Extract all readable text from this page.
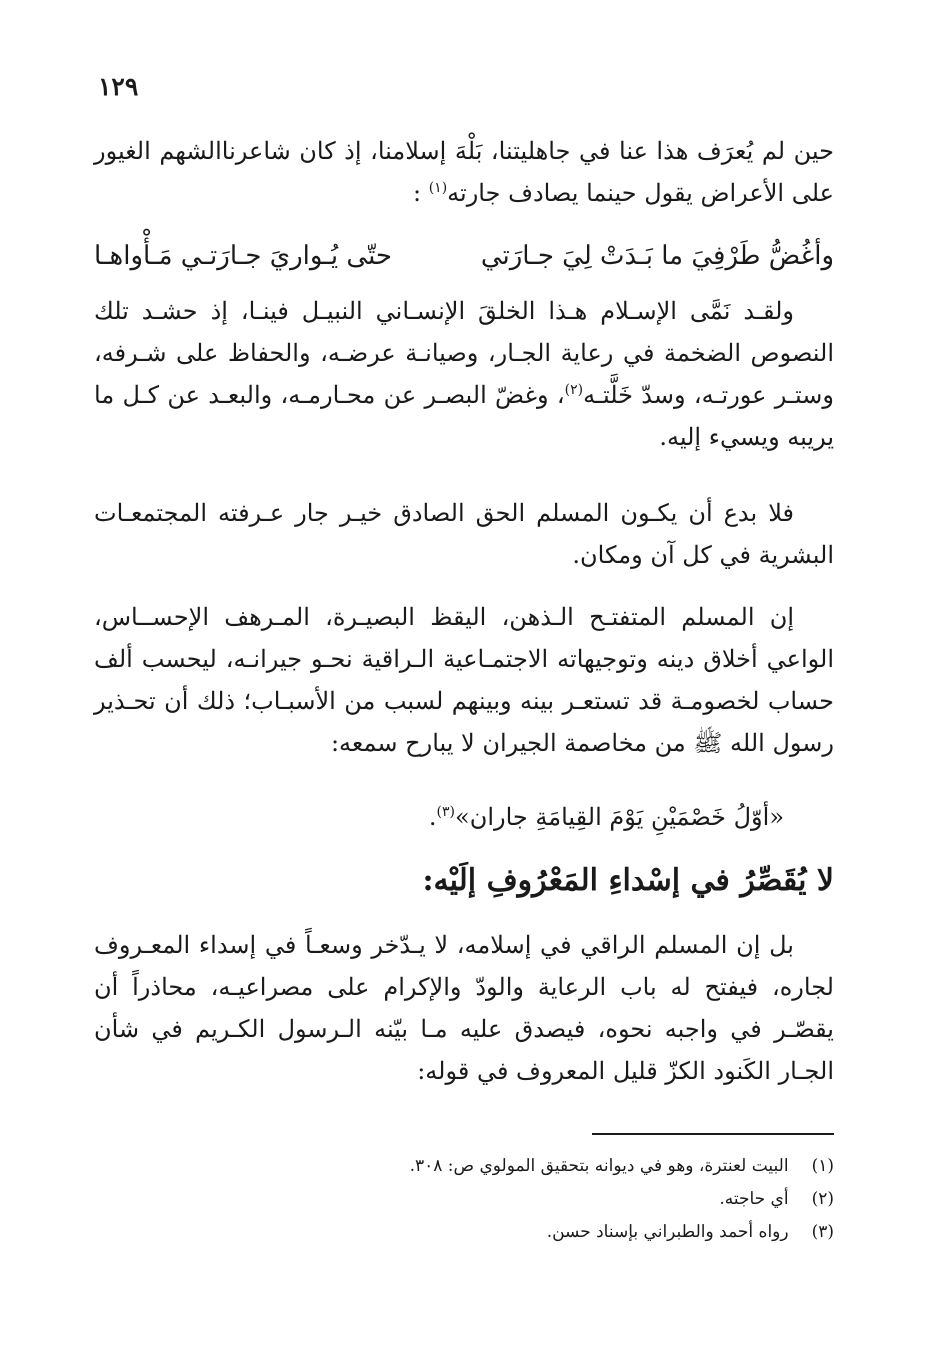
١٢٩

حين لم يُعرَف هذا عنا في جاهليتنا، بَلْهَ إسلامنا، إذ كان شاعرناالشهم الغيور على الأعراض يقول حينما يصادف جارته$^{(١)}$ :

وأغُضُّ طَرْفِيَ ما بَـدَتْ لِيَ جـارَتي
حتّى يُـواريَ جـارَتـي مَـأْواهـا

ولقـد نَمَّى الإسـلام هـذا الخلقَ الإنسـاني النبيـل فينـا، إذ حشـد تلك النصوص الضخمة في رعاية الجـار، وصيانـة عرضـه، والحفاظ على شـرفه، وستـر عورتـه، وسدّ خَلَّتـه$^{(٢)}$، وغضّ البصـر عن محـارمـه، والبعـد عن كـل ما يريبه ويسيء إليه.

فلا بدع أن يكـون المسلم الحق الصادق خيـر جار عـرفته المجتمعـات البشرية في كل آن ومكان.

إن المسلم المتفتـح الـذهن، اليقظ البصيـرة، المـرهف الإحســاس، الواعي أخلاق دينه وتوجيهاته الاجتمـاعية الـراقية نحـو جيرانـه، ليحسب ألف حساب لخصومـة قد تستعـر بينه وبينهم لسبب من الأسبـاب؛ ذلك أن تحـذير رسول الله ﷺ من مخاصمة الجيران لا يبارح سمعه:

«أوّلُ خَصْمَيْنِ يَوْمَ القِيامَةِ جاران»$^{(٣)}$.
لا يُقَصِّرُ في إسْداءِ المَعْرُوفِ إلَيْه:

بل إن المسلم الراقي في إسلامه، لا يـدّخر وسعـاً في إسداء المعـروف لجاره، فيفتح له باب الرعاية والودّ والإكرام على مصراعيـه، محاذراً أن يقصّـر في واجبه نحوه، فيصدق عليه مـا بيّنه الـرسول الكـريم في شأن الجـار الكَنود الكزّ قليل المعروف في قوله:

(١) البيت لعنترة، وهو في ديوانه بتحقيق المولوي ص: ٣٠٨.
(٢) أي حاجته.
(٣) رواه أحمد والطبراني بإسناد حسن.
